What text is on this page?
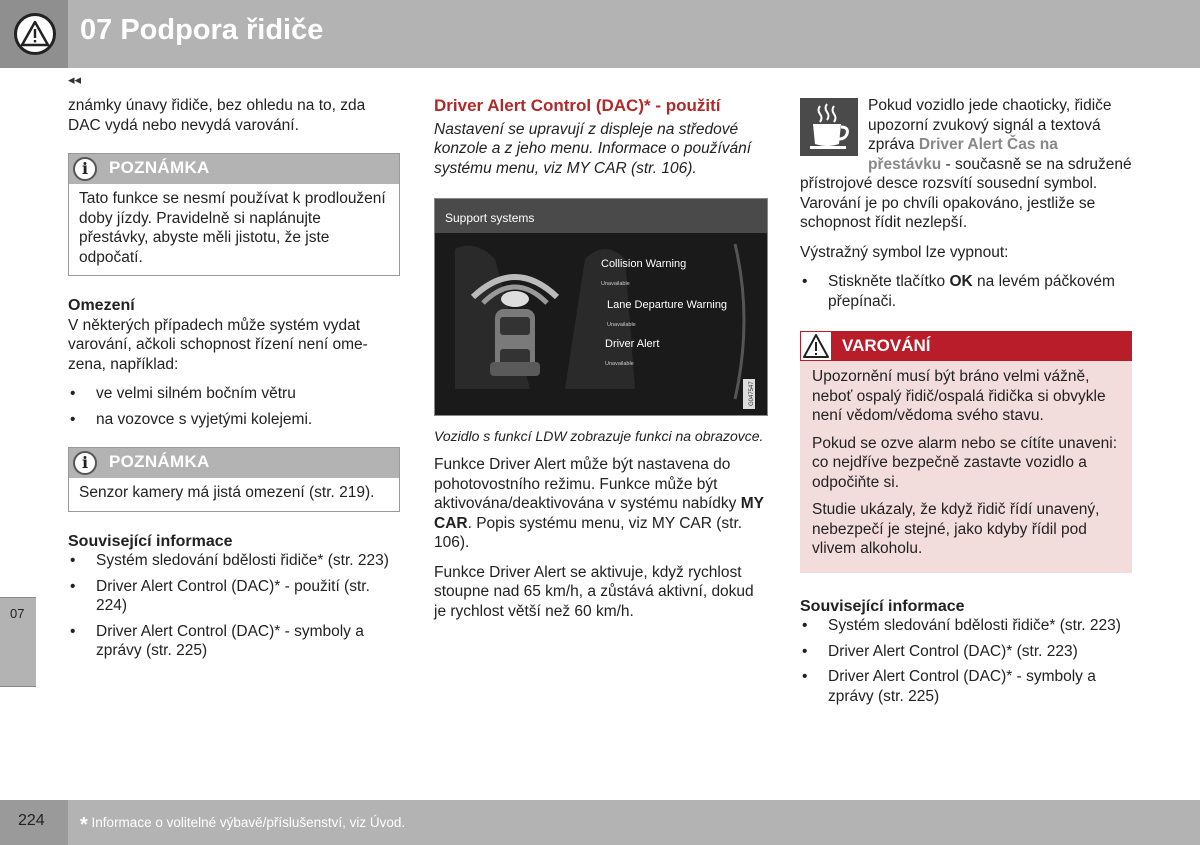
07 Podpora řidiče
◂◂

známky únavy řidiče, bez ohledu na to, zda DAC vydá nebo nevydá varování.

i	POZNÁMKA
Tato funkce se nesmí používat k prodloužení doby jízdy. Pravidelně si naplánujte přestávky, abyste měli jistotu, že jste odpočatí.
Omezení

V některých případech může systém vydat varování, ačkoli schopnost řízení není omezena, například:

• ve velmi silném bočním větru
• na vozovce s vyjetými kolejemi.
i	POZNÁMKA
Senzor kamery má jistá omezení (str. 219).
Související informace
• Systém sledování bdělosti řidiče* (str. 223)
• Driver Alert Control (DAC)* - použití (str. 224)
• Driver Alert Control (DAC)* - symboly a zprávy (str. 225)
Driver Alert Control (DAC)* - použití

Nastavení se upravují z displeje na středové konzole a z jeho menu. Informace o používání systému menu, viz MY CAR (str. 106).

Support systems
Collision Warning
Unavailable
Lane Departure Warning
Unavailable
Driver Alert
Unavailable
G047547
Vozidlo s funkcí LDW zobrazuje funkci na obrazovce.

Funkce Driver Alert může být nastavena do pohotovostního režimu. Funkce může být aktivována/deaktivována v systému nabídky MY CAR. Popis systému menu, viz MY CAR (str. 106).

Funkce Driver Alert se aktivuje, když rychlost stoupne nad 65 km/h, a zůstává aktivní, dokud je rychlost větší než 60 km/h.

Pokud vozidlo jede chaoticky, řidiče upozorní zvukový signál a textová zpráva Driver Alert Čas na přestávku - současně se na sdružené přístrojové desce rozsvítí sousední symbol. Varování je po chvíli opakováno, jestliže se schopnost řídit nezlepší.

Výstražný symbol lze vypnout:

• Stiskněte tlačítko OK na levém páčkovém přepínači.
VAROVÁNÍ

Upozornění musí být bráno velmi vážně, neboť ospalý řidič/ospalá řidička si obvykle není vědom/vědoma svého stavu.

Pokud se ozve alarm nebo se cítíte unaveni: co nejdříve bezpečně zastavte vozidlo a odpočiňte si.

Studie ukázaly, že když řidič řídí unavený, nebezpečí je stejné, jako kdyby řídil pod vlivem alkoholu.

Související informace
• Systém sledování bdělosti řidiče* (str. 223)
• Driver Alert Control (DAC)* (str. 223)
• Driver Alert Control (DAC)* - symboly a zprávy (str. 225)
07
224	* Informace o volitelné výbavě/příslušenství, viz Úvod.
